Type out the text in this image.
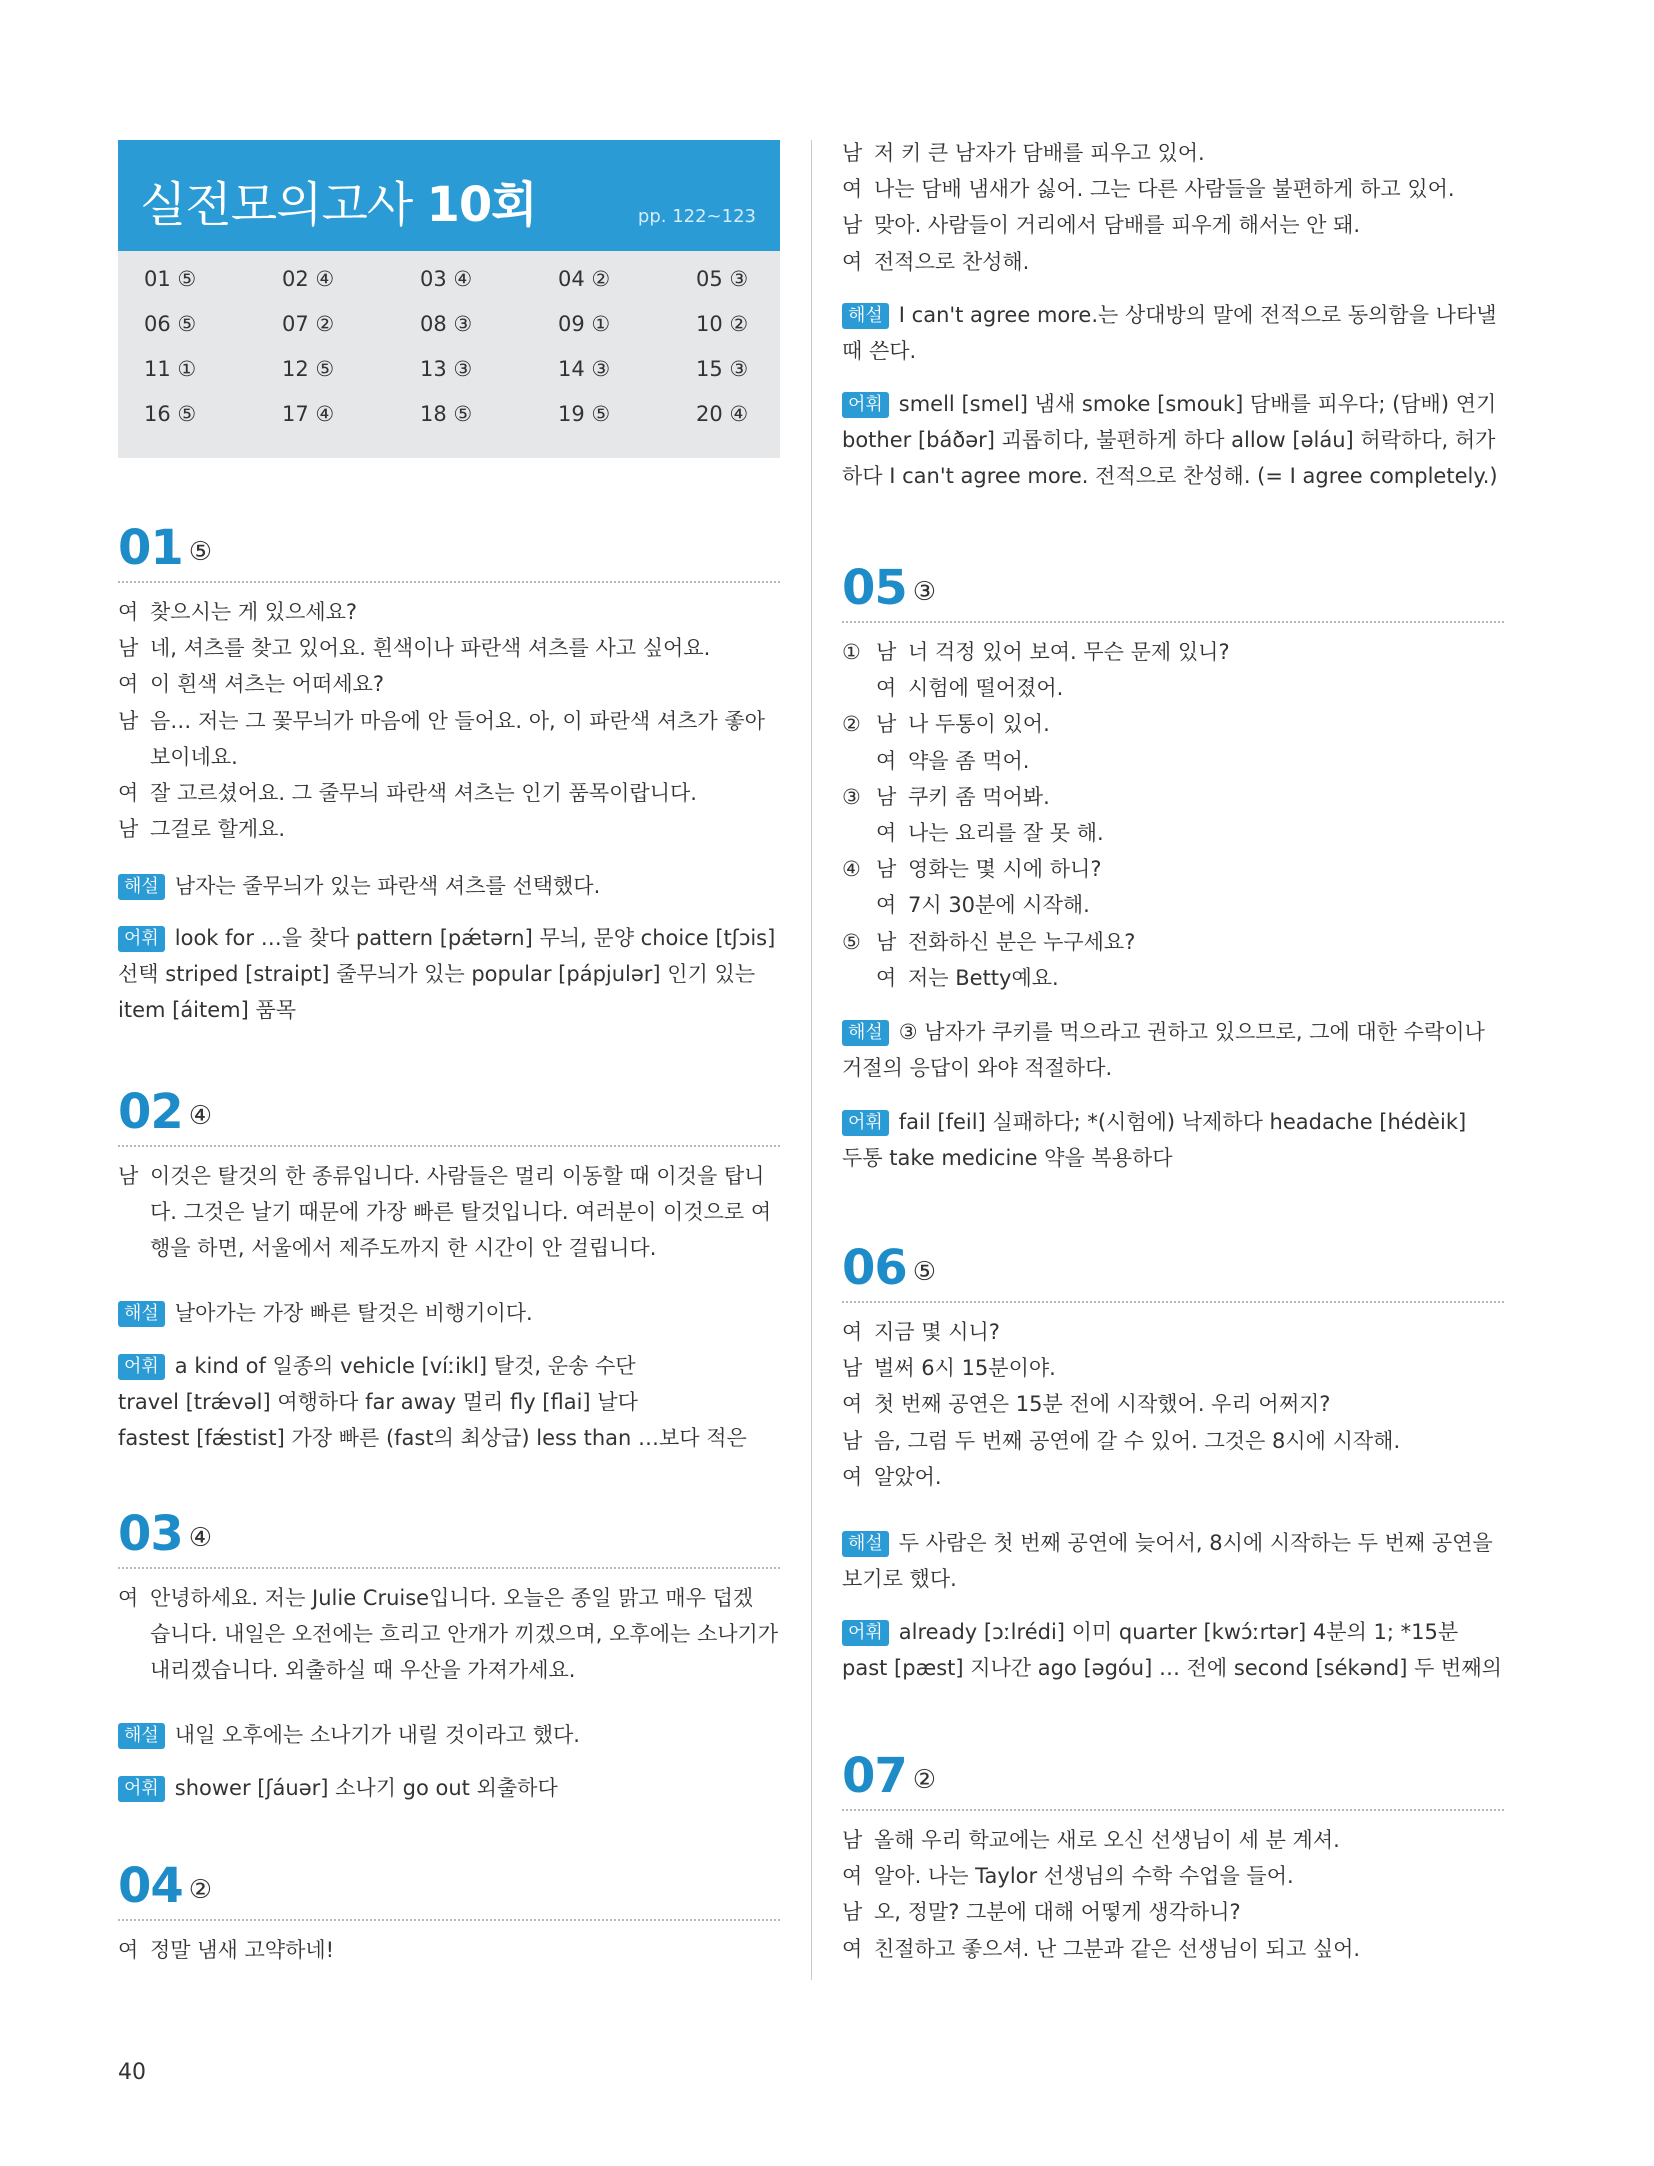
실전모의고사 10회	pp. 122~123
01 ⑤	02 ④	03 ④	04 ②	05 ③
06 ⑤	07 ②	08 ③	09 ①	10 ②
11 ①	12 ⑤	13 ③	14 ③	15 ③
16 ⑤	17 ④	18 ⑤	19 ⑤	20 ④
01 ⑤
여 찾으시는 게 있으세요?
남 네, 셔츠를 찾고 있어요. 흰색이나 파란색 셔츠를 사고 싶어요.
여 이 흰색 셔츠는 어떠세요?
남 음… 저는 그 꽃무늬가 마음에 안 들어요. 아, 이 파란색 셔츠가 좋아
보이네요.
여 잘 고르셨어요. 그 줄무늬 파란색 셔츠는 인기 품목이랍니다.
남 그걸로 할게요.
해설 남자는 줄무늬가 있는 파란색 셔츠를 선택했다.
어휘 look for …을 찾다 pattern [pǽtərn] 무늬, 문양 choice [tʃɔis]
선택 striped [straipt] 줄무늬가 있는 popular [pápjulər] 인기 있는
item [áitem] 품목
02 ④
남 이것은 탈것의 한 종류입니다. 사람들은 멀리 이동할 때 이것을 탑니
다. 그것은 날기 때문에 가장 빠른 탈것입니다. 여러분이 이것으로 여
행을 하면, 서울에서 제주도까지 한 시간이 안 걸립니다.
해설 날아가는 가장 빠른 탈것은 비행기이다.
어휘 a kind of 일종의 vehicle [víːikl] 탈것, 운송 수단
travel [trǽvəl] 여행하다 far away 멀리 fly [flai] 날다
fastest [fǽstist] 가장 빠른 (fast의 최상급) less than …보다 적은
03 ④
여 안녕하세요. 저는 Julie Cruise입니다. 오늘은 종일 맑고 매우 덥겠
습니다. 내일은 오전에는 흐리고 안개가 끼겠으며, 오후에는 소나기가
내리겠습니다. 외출하실 때 우산을 가져가세요.
해설 내일 오후에는 소나기가 내릴 것이라고 했다.
어휘 shower [ʃáuər] 소나기 go out 외출하다
04 ②
여 정말 냄새 고약하네!
남 저 키 큰 남자가 담배를 피우고 있어.
여 나는 담배 냄새가 싫어. 그는 다른 사람들을 불편하게 하고 있어.
남 맞아. 사람들이 거리에서 담배를 피우게 해서는 안 돼.
여 전적으로 찬성해.
해설 I can't agree more.는 상대방의 말에 전적으로 동의함을 나타낼
때 쓴다.
어휘 smell [smel] 냄새 smoke [smouk] 담배를 피우다; (담배) 연기
bother [báðər] 괴롭히다, 불편하게 하다 allow [əláu] 허락하다, 허가
하다 I can't agree more. 전적으로 찬성해. (= I agree completely.)
05 ③
① 남 너 걱정 있어 보여. 무슨 문제 있니?
여 시험에 떨어졌어.
② 남 나 두통이 있어.
여 약을 좀 먹어.
③ 남 쿠키 좀 먹어봐.
여 나는 요리를 잘 못 해.
④ 남 영화는 몇 시에 하니?
여 7시 30분에 시작해.
⑤ 남 전화하신 분은 누구세요?
여 저는 Betty예요.
해설 ③ 남자가 쿠키를 먹으라고 권하고 있으므로, 그에 대한 수락이나
거절의 응답이 와야 적절하다.
어휘 fail [feil] 실패하다; *(시험에) 낙제하다 headache [hédèik]
두통 take medicine 약을 복용하다
06 ⑤
여 지금 몇 시니?
남 벌써 6시 15분이야.
여 첫 번째 공연은 15분 전에 시작했어. 우리 어쩌지?
남 음, 그럼 두 번째 공연에 갈 수 있어. 그것은 8시에 시작해.
여 알았어.
해설 두 사람은 첫 번째 공연에 늦어서, 8시에 시작하는 두 번째 공연을
보기로 했다.
어휘 already [ɔːlrédi] 이미 quarter [kwɔ́ːrtər] 4분의 1; *15분
past [pæst] 지나간 ago [əgóu] … 전에 second [sékənd] 두 번째의
07 ②
남 올해 우리 학교에는 새로 오신 선생님이 세 분 계셔.
여 알아. 나는 Taylor 선생님의 수학 수업을 들어.
남 오, 정말? 그분에 대해 어떻게 생각하니?
여 친절하고 좋으셔. 난 그분과 같은 선생님이 되고 싶어.
40
